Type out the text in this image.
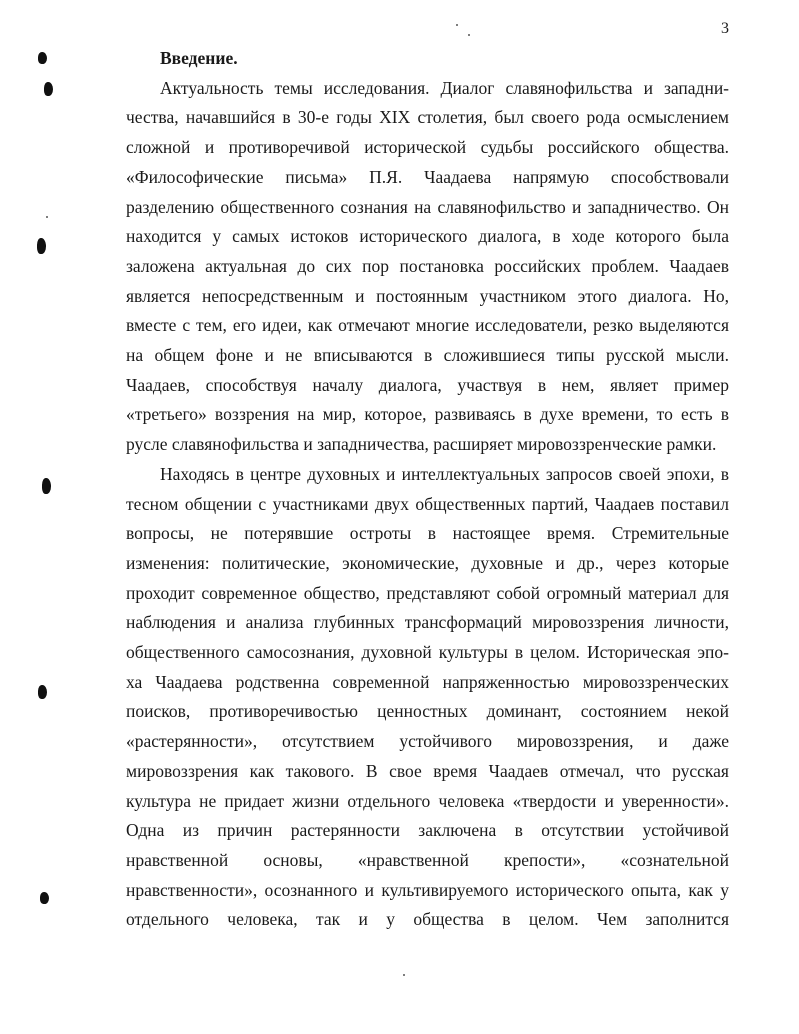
3

Введение.

Актуальность темы исследования. Диалог славянофильства и западни-
чества, начавшийся в 30-е годы XIX столетия, был своего рода осмыслением
сложной и противоречивой исторической судьбы российского общества.
«Философические письма» П.Я. Чаадаева напрямую способствовали
разделению общественного сознания на славянофильство и западничество. Он
находится у самых истоков исторического диалога, в ходе которого была
заложена актуальная до сих пор постановка российских проблем. Чаадаев
является непосредственным и постоянным участником этого диалога. Но,
вместе с тем, его идеи, как отмечают многие исследователи, резко выделяются
на общем фоне и не вписываются в сложившиеся типы русской мысли.
Чаадаев, способствуя началу диалога, участвуя в нем, являет пример
«третьего» воззрения на мир, которое, развиваясь в духе времени, то есть в
русле славянофильства и западничества, расширяет мировоззренческие рамки.
Находясь в центре духовных и интеллектуальных запросов своей эпохи, в
тесном общении с участниками двух общественных партий, Чаадаев поставил
вопросы, не потерявшие остроты в настоящее время. Стремительные
изменения: политические, экономические, духовные и др., через которые
проходит современное общество, представляют собой огромный материал для
наблюдения и анализа глубинных трансформаций мировоззрения личности,
общественного самосознания, духовной культуры в целом. Историческая эпо-
ха Чаадаева родственна современной напряженностью мировоззренческих
поисков, противоречивостью ценностных доминант, состоянием некой
«растерянности», отсутствием устойчивого мировоззрения, и даже
мировоззрения как такового. В свое время Чаадаев отмечал, что русская
культура не придает жизни отдельного человека «твердости и уверенности».
Одна из причин растерянности заключена в отсутствии устойчивой
нравственной основы, «нравственной крепости», «сознательной
нравственности», осознанного и культивируемого исторического опыта, как у
отдельного человека, так и у общества в целом. Чем заполнится
